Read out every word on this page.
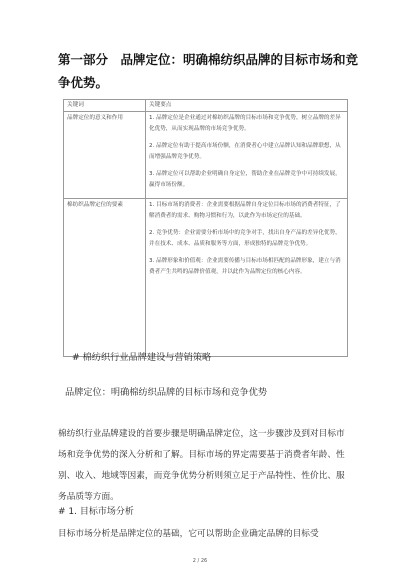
第一部分　品牌定位：明确棉纺织品牌的目标市场和竞争优势。
关键词	关键要点
品牌定位的意义和作用	1. 品牌定位是企业通过对棉纺织品牌的目标市场和竞争优势，树立品牌的差异化优势，从而实现品牌的市场竞争优势。
2. 品牌定位有助于提高市场份额，在消费者心中建立品牌认知和品牌联想，从而增强品牌竞争优势。
3. 品牌定位可以帮助企业明确自身定位，帮助企业在品牌竞争中可持续发展，赢得市场份额。

棉纺织品牌定位的要素	1. 目标市场的消费者：企业需要根据品牌自身定位目标市场的消费者特征，了解消费者的需求、购物习惯和行为，以此作为市场定位的基础。
2. 竞争优势：企业需要分析市场中的竞争对手，找出自身产品的差异化优势，并在技术、成本、品质和服务等方面，形成独特的品牌竞争优势。
3. 品牌形象和价值观：企业需要传播与目标市场相匹配的品牌形象，建立与消费者产生共鸣的品牌价值观，并以此作为品牌定位的核心内容。
# 棉纺织行业品牌建设与营销策略
品牌定位：明确棉纺织品牌的目标市场和竞争优势
棉纺织行业品牌建设的首要步骤是明确品牌定位，这一步骤涉及到对目标市场和竞争优势的深入分析和了解。目标市场的界定需要基于消费者年龄、性别、收入、地域等因素，而竞争优势分析则须立足于产品特性、性价比、服务品质等方面。
# 1. 目标市场分析
目标市场分析是品牌定位的基础，它可以帮助企业确定品牌的目标受
2 / 26
